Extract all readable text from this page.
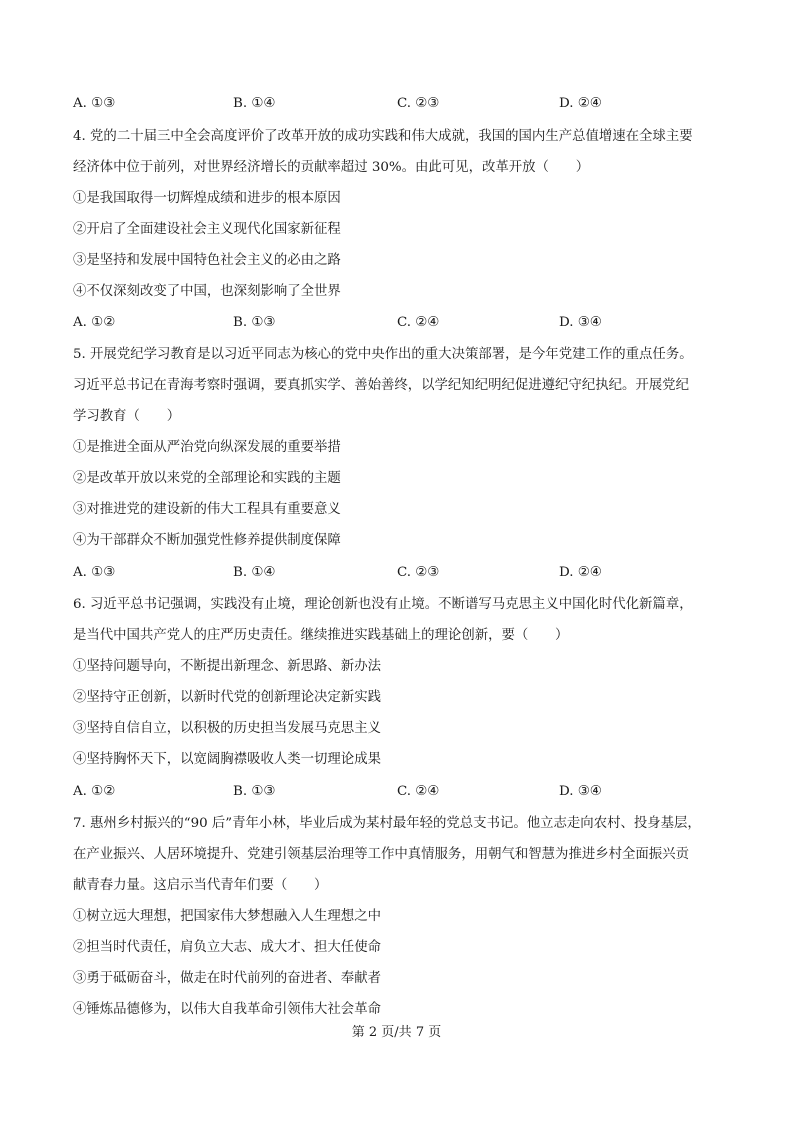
A. ①③	B. ①④	C. ②③	D. ②④
4. 党的二十届三中全会高度评价了改革开放的成功实践和伟大成就，我国的国内生产总值增速在全球主要
经济体中位于前列，对世界经济增长的贡献率超过 30%。由此可见，改革开放（　　）
①是我国取得一切辉煌成绩和进步的根本原因
②开启了全面建设社会主义现代化国家新征程
③是坚持和发展中国特色社会主义的必由之路
④不仅深刻改变了中国，也深刻影响了全世界
A. ①②	B. ①③	C. ②④	D. ③④
5. 开展党纪学习教育是以习近平同志为核心的党中央作出的重大决策部署，是今年党建工作的重点任务。
习近平总书记在青海考察时强调，要真抓实学、善始善终，以学纪知纪明纪促进遵纪守纪执纪。开展党纪
学习教育（　　）
①是推进全面从严治党向纵深发展的重要举措
②是改革开放以来党的全部理论和实践的主题
③对推进党的建设新的伟大工程具有重要意义
④为干部群众不断加强党性修养提供制度保障
A. ①③	B. ①④	C. ②③	D. ②④
6. 习近平总书记强调，实践没有止境，理论创新也没有止境。不断谱写马克思主义中国化时代化新篇章，
是当代中国共产党人的庄严历史责任。继续推进实践基础上的理论创新，要（　　）
①坚持问题导向，不断提出新理念、新思路、新办法
②坚持守正创新，以新时代党的创新理论决定新实践
③坚持自信自立，以积极的历史担当发展马克思主义
④坚持胸怀天下，以宽阔胸襟吸收人类一切理论成果
A. ①②	B. ①③	C. ②④	D. ③④
7. 惠州乡村振兴的“90 后”青年小林，毕业后成为某村最年轻的党总支书记。他立志走向农村、投身基层，
在产业振兴、人居环境提升、党建引领基层治理等工作中真情服务，用朝气和智慧为推进乡村全面振兴贡
献青春力量。这启示当代青年们要（　　）
①树立远大理想，把国家伟大梦想融入人生理想之中
②担当时代责任，肩负立大志、成大才、担大任使命
③勇于砥砺奋斗，做走在时代前列的奋进者、奉献者
④锤炼品德修为，以伟大自我革命引领伟大社会革命
第 2 页/共 7 页
